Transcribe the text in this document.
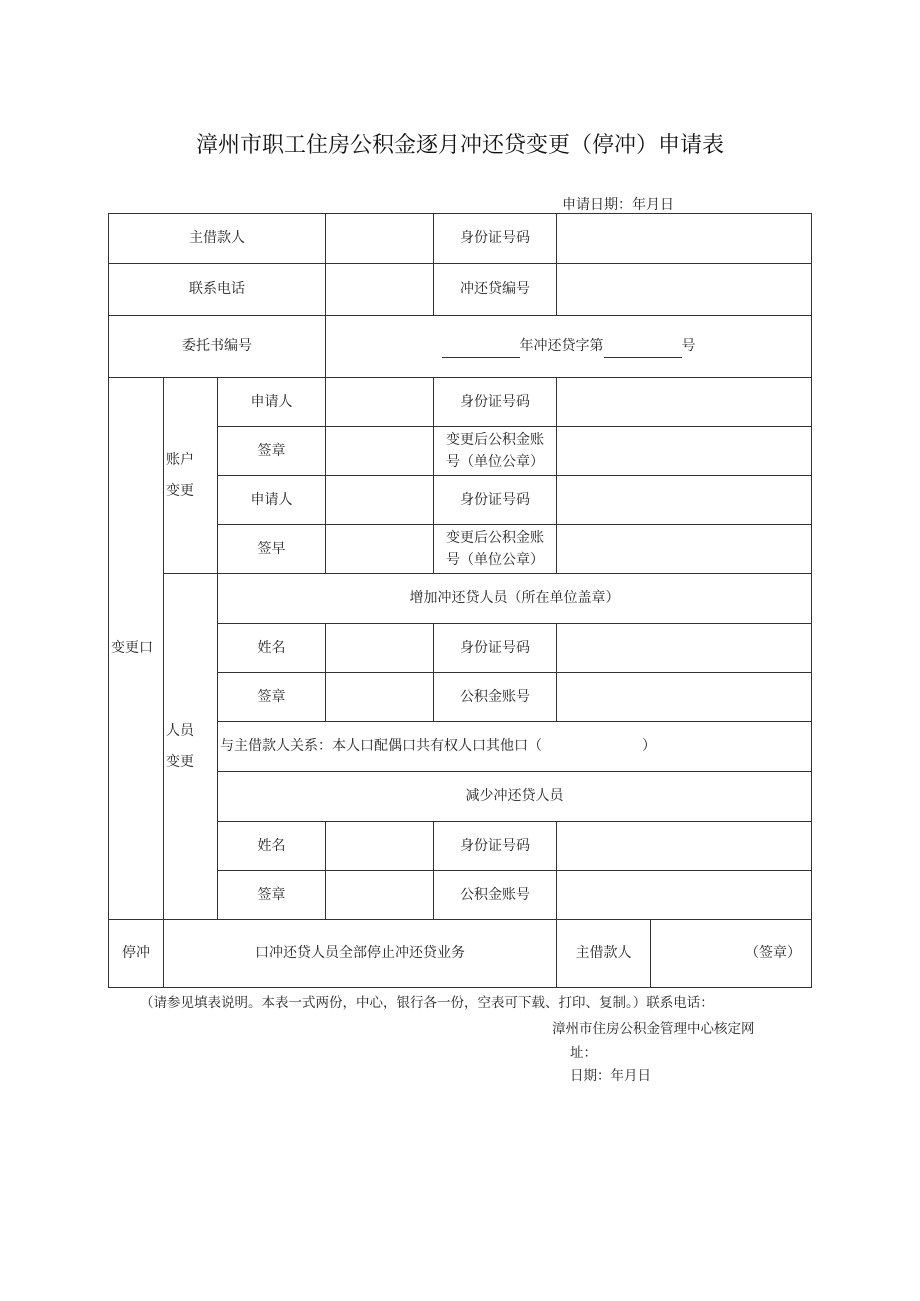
漳州市职工住房公积金逐月冲还贷变更（停冲）申请表
申请日期：年月日
主借款人				身份证号码		
联系电话				冲还贷编号		
委托书编号			年冲还贷字第 号			
变更口	账户
变更	申请人		身份证号码		
		签章		变更后公积金账
号（单位公章）		
		申请人		身份证号码		
		签早		变更后公积金账
号（单位公章）		
	人员
变更	增加冲还贷人员（所在单位盖章）				
		姓名		身份证号码		
		签章		公积金账号		
		与主借款人关系：本人口配偶口共有权人口其他口（ ）				
		减少冲还贷人员				
		姓名		身份证号码		
		签章		公积金账号		
停冲	口冲还贷人员全部停止冲还贷业务				主借款人	（签章）
（请参见填表说明。本表一式两份，中心，银行各一份，空表可下载、打印、复制。）联系电话：
漳州市住房公积金管理中心核定网
址：
日期：年月日
